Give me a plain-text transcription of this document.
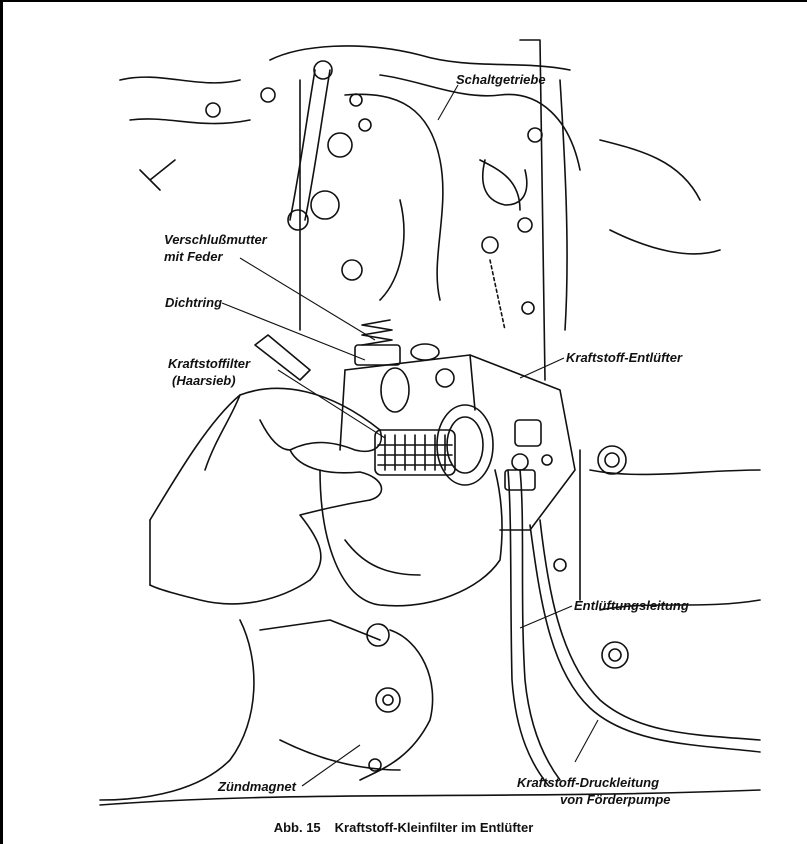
Schaltgetriebe
Verschlußmutter
mit Feder
Dichtring
Kraftstoffilter
(Haarsieb)
Kraftstoff-Entlüfter
Entlüftungsleitung
Zündmagnet	Kraftstoff-Druckleitung
von Förderpumpe
Abb. 15 Kraftstoff-Kleinfilter im Entlüfter
